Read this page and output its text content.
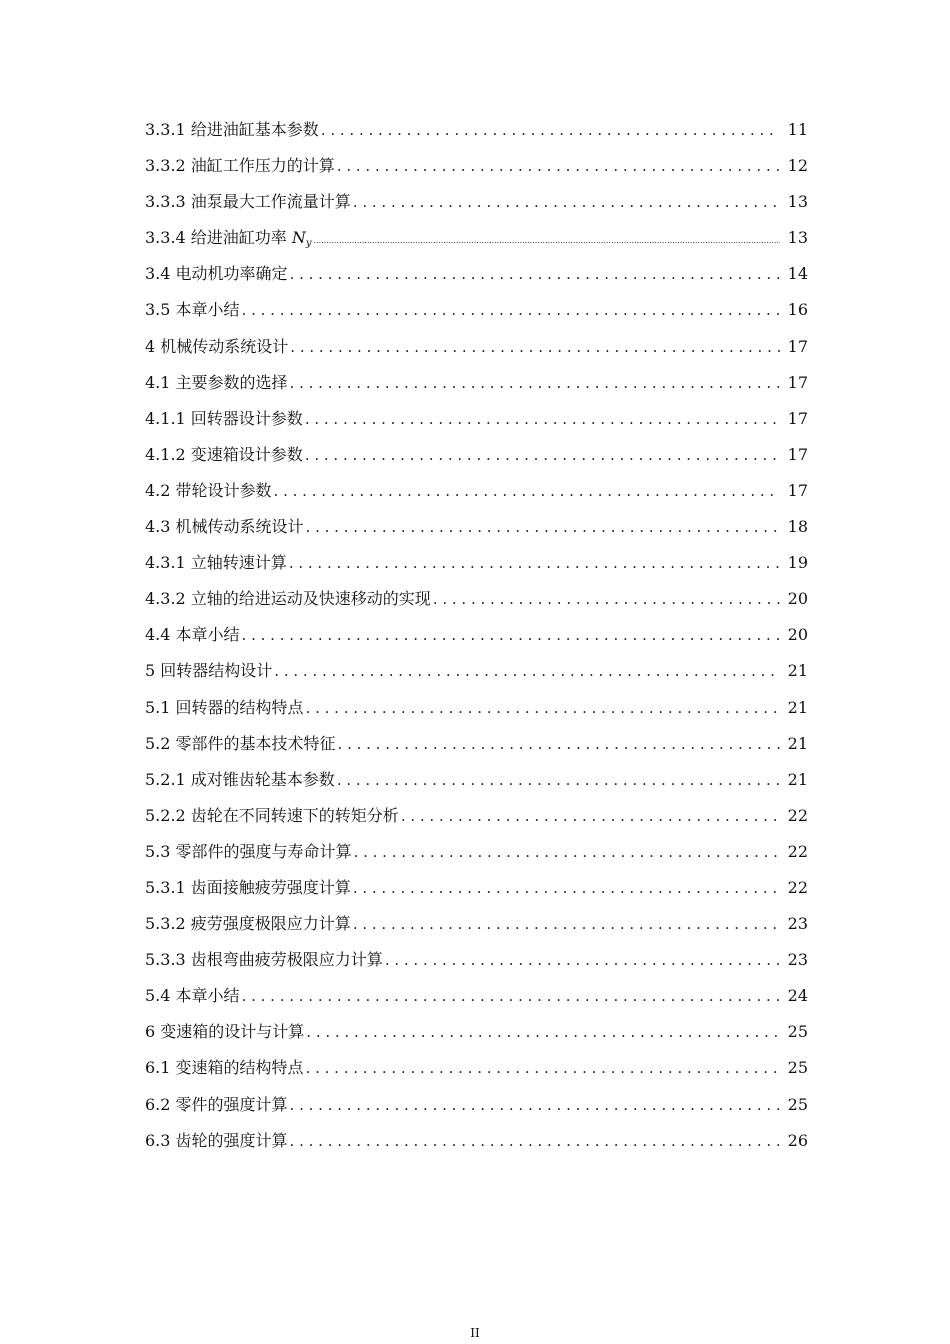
3.3.1 给进油缸基本参数 . . .	11
3.3.2 油缸工作压力的计算 . . .	12
3.3.3 油泵最大工作流量计算 . . .	13
3.3.4 给进油缸功率 Ny .....	13
3.4 电动机功率确定 . . .	14
3.5 本章小结 . . .	16
4 机械传动系统设计 . . .	17
4.1 主要参数的选择 . . .	17
4.1.1 回转器设计参数 . . .	17
4.1.2 变速箱设计参数 . . .	17
4.2 带轮设计参数 . . .	17
4.3 机械传动系统设计 . . .	18
4.3.1 立轴转速计算 . . .	19
4.3.2 立轴的给进运动及快速移动的实现 . . .	20
4.4 本章小结 . . .	20
5 回转器结构设计 . . .	21
5.1 回转器的结构特点 . . .	21
5.2 零部件的基本技术特征 . . .	21
5.2.1 成对锥齿轮基本参数 . . .	21
5.2.2 齿轮在不同转速下的转矩分析 . . .	22
5.3 零部件的强度与寿命计算 . . .	22
5.3.1 齿面接触疲劳强度计算 . . .	22
5.3.2 疲劳强度极限应力计算 . . .	23
5.3.3 齿根弯曲疲劳极限应力计算 . . .	23
5.4 本章小结 . . .	24
6 变速箱的设计与计算 . . .	25
6.1 变速箱的结构特点 . . .	25
6.2 零件的强度计算 . . .	25
6.3 齿轮的强度计算 . . .	26
II
